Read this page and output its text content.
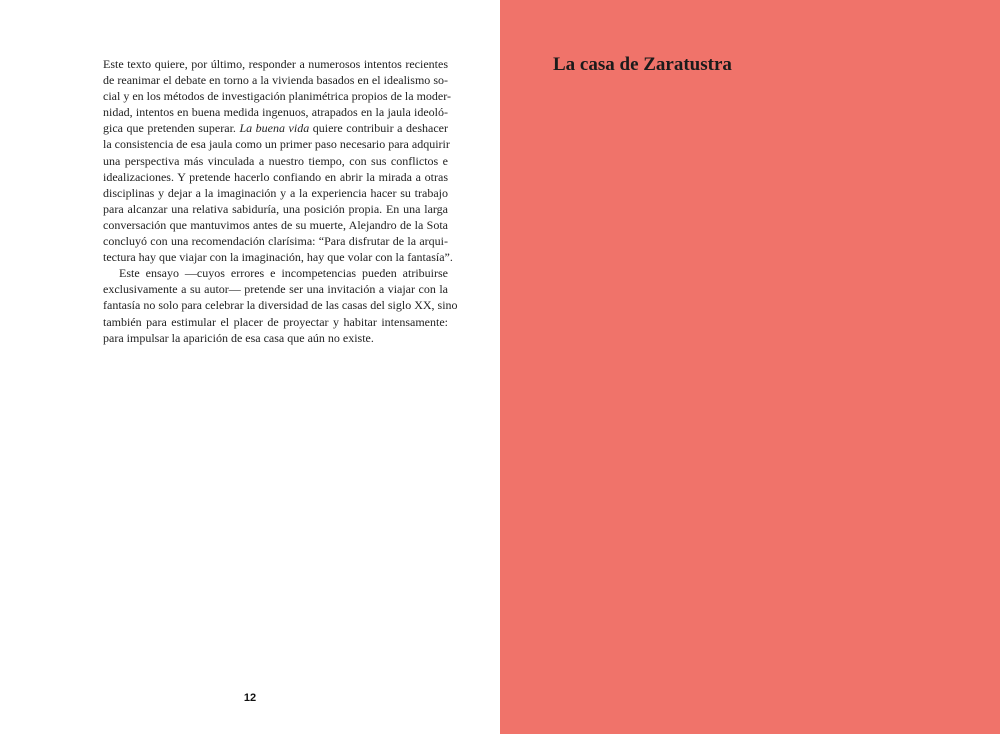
Este texto quiere, por último, responder a numerosos intentos recientes
de reanimar el debate en torno a la vivienda basados en el idealismo so-
cial y en los métodos de investigación planimétrica propios de la moder-
nidad, intentos en buena medida ingenuos, atrapados en la jaula ideoló-
gica que pretenden superar. La buena vida quiere contribuir a deshacer
la consistencia de esa jaula como un primer paso necesario para adquirir
una perspectiva más vinculada a nuestro tiempo, con sus conflictos e
idealizaciones. Y pretende hacerlo confiando en abrir la mirada a otras
disciplinas y dejar a la imaginación y a la experiencia hacer su trabajo
para alcanzar una relativa sabiduría, una posición propia. En una larga
conversación que mantuvimos antes de su muerte, Alejandro de la Sota
concluyó con una recomendación clarísima: “Para disfrutar de la arqui-
tectura hay que viajar con la imaginación, hay que volar con la fantasía”.

Este ensayo —cuyos errores e incompetencias pueden atribuirse
exclusivamente a su autor— pretende ser una invitación a viajar con la
fantasía no solo para celebrar la diversidad de las casas del siglo XX, sino
también para estimular el placer de proyectar y habitar intensamente:
para impulsar la aparición de esa casa que aún no existe.

12
La casa de Zaratustra
